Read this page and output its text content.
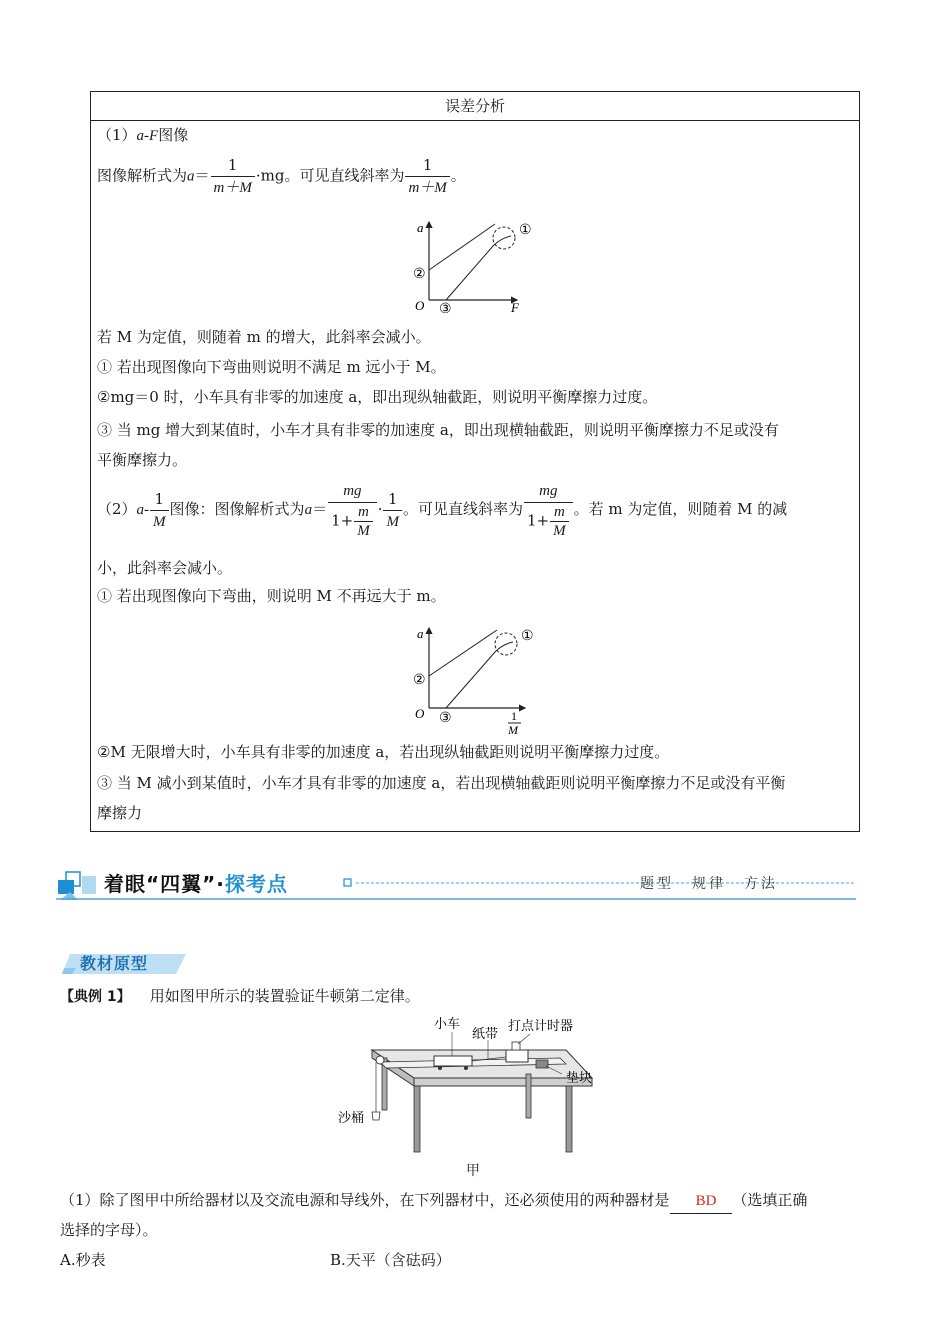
误差分析
（1）a-F图像
图像解析式为$a= \frac{1}{m+M} \cdot mg$。可见直线斜率为 $\frac{1}{m+M}$ 。
a
F
O
①
②
③
若 M 为定值，则随着 m 的增大，此斜率会减小。
① 若出现图像向下弯曲则说明不满足 m 远小于 M。
②mg＝0 时，小车具有非零的加速度 a，即出现纵轴截距，则说明平衡摩擦力过度。
③ 当 mg 增大到某值时，小车才具有非零的加速度 a，即出现横轴截距，则说明平衡摩擦力不足或没有
平衡摩擦力。
$(2)a- \frac{1}{M}$ 图像：图像解析式为$a= \frac{mg}{1+ \frac{m}{M}} \cdot \frac{1}{M}$ 。可见直线斜率为 $\frac{mg}{1+ \frac{m}{M}}$ 。若 m 为定值，则随着 M 的减
小，此斜率会减小。
① 若出现图像向下弯曲，则说明 M 不再远大于 m。
a
O
①
②
③	1
M
②M 无限增大时，小车具有非零的加速度 a，若出现纵轴截距则说明平衡摩擦力过度。
③ 当 M 减小到某值时，小车才具有非零的加速度 a，若出现横轴截距则说明平衡摩擦力不足或没有平衡
摩擦力
着眼“四翼”·探考点	题型 规律 方法
教材原型
【典例 1】 用如图甲所示的装置验证牛顿第二定律。
小车
纸带
打点计时器
垫块
沙桶
甲
（1）除了图甲中所给器材以及交流电源和导线外，在下列器材中，还必须使用的两种器材是 BD （选填正确
选择的字母）。
A.秒表	B.天平（含砝码）
